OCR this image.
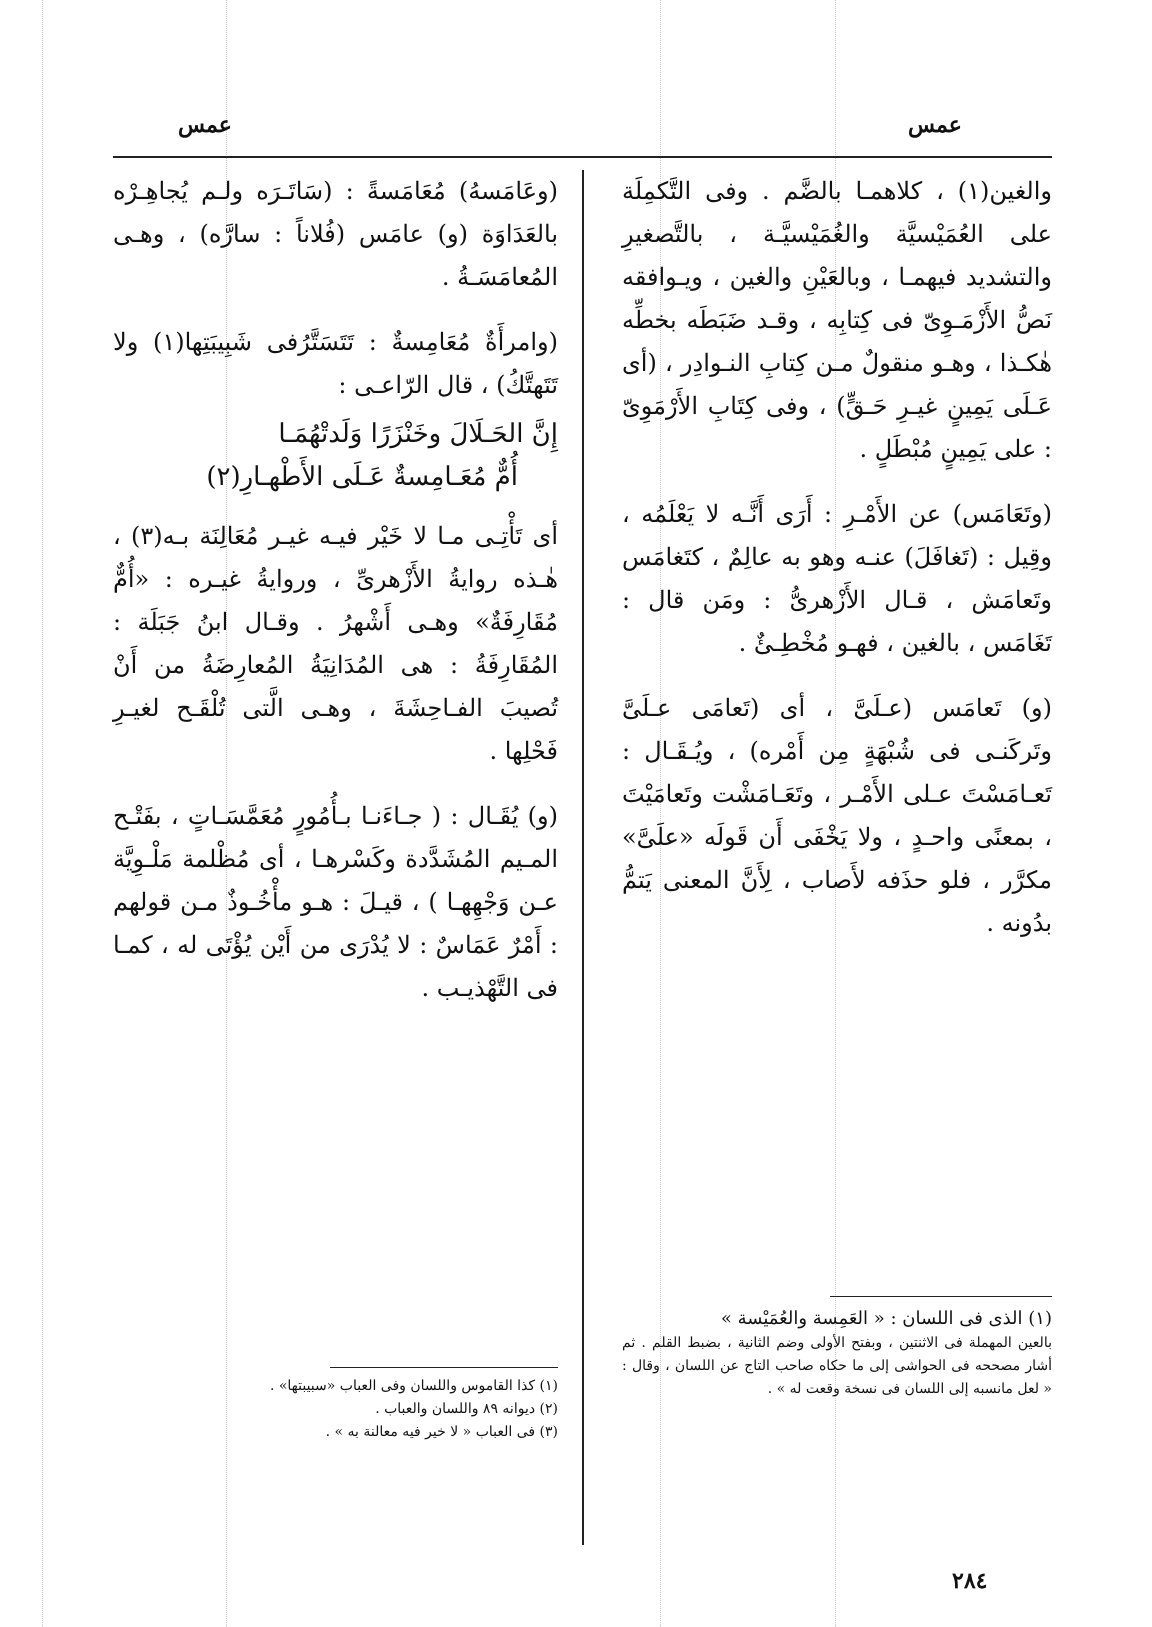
عمس	عمس

والغين(١) ، كلاهمـا بالضَّم . وفى التَّكمِلَة على العُمَيْسيَّة والغُمَيْسيَّـة ، بالتَّصغيرِ والتشديد فيهمـا ، وبالعَيْنِ والغين ، ويـوافقه نَصُّ الأَزْمَـوِىّ فى كِتابِه ، وقـد ضَبَطَه بخطِّه هٰكـذا ، وهـو منقولٌ مـن كِتابِ النـوادِر ، (أى عَـلَى يَمِينٍ غيـرِ حَـقٍّ) ، وفى كِتَابِ الأَرْمَوِىّ : على يَمِينٍ مُبْطَلٍ .

(وتَعَامَس) عن الأَمْـرِ : أَرَى أَنَّـه لا يَعْلَمُه ، وقِيل : (تَغافَلَ) عنـه وهو به عالِمٌ ، كتَغامَس وتَعامَش ، قـال الأَزْهرىُّ : ومَن قال : تَغَامَس ، بالغين ، فهـو مُخْطِـئٌ .

(و) تَعامَس (عـلَىَّ ، أى (تَعامَى عـلَىَّ وتَركَنـى فى شُبْهَةٍ مِن أَمْره) ، ويُـقَـال : تَعـامَسْتَ عـلى الأَمْـر ، وتَعَـامَشْت وتَعامَيْتَ ، بمعنًى واحـدٍ ، ولا يَخْفَى أَن قَولَه «علَىَّ» مكرَّر ، فلو حذَفه لأَصاب ، لِأَنَّ المعنى يَتمُّ بدُونه .

(وعَامَسهُ) مُعَامَسةً : (سَاتَـرَه ولـم يُجاهِـرْه بالعَدَاوَة (و) عامَس (فُلاناً : سارَّه) ، وهـى المُعامَسَـةُ .

(وامرأَةٌ مُعَامِسةٌ : تَتَسَتَّرُفى شَبِيبَتِها(١) ولا تَتَهتَّكُ) ، قال الرّاعـى :

إِنَّ الحَـلَالَ وخَنْزَرًا وَلَدتْهُمَـا

أُمٌّ مُعَـامِسةٌ عَـلَى الأَطْهـارِ(٢)

أى تَأْتِـى مـا لا خَيْر فيـه غيـر مُعَالِنَة بـه(٣) ، هٰـذه روايةُ الأَزْهرىِّ ، وروايةُ غيـره : «أُمٌّ مُقَارِفَةٌ» وهـى أَشْهرُ . وقـال ابنُ جَبَلَة : المُقَارِفَةُ : هى المُدَانِيَةُ المُعارِضَةُ من أَنْ تُصيبَ الفـاحِشَةَ ، وهـى الَّتى تُلْقَـح لغيـرِ فَحْلِها .

(و) يُقَـال : ( جـاءَنـا بـأُمُورٍ مُعَمَّسَـاتٍ ، بفَتْـح المـيم المُشَدَّدة وكَسْرهـا ، أى مُظْلمة مَلْـوِيَّة عـن وَجْهِهـا ) ، قيـلَ : هـو مأْخُـوذٌ مـن قولهم : أَمْرٌ عَمَاسٌ : لا يُدْرَى من أَيْن يُؤْتَى له ، كمـا فى التَّهْذيـب .

(١) الذى فى اللسان : « العَمِسة والعُمَيْسة »
بالعين المهملة فى الاثنتين ، وبفتح الأولى وضم الثانية ، بضبط القلم . ثم أشار مصححه فى الحواشى إلى ما حكاه صاحب التاج عن اللسان ، وقال : « لعل مانسبه إلى اللسان فى نسخة وقعت له » .

(١) كذا القاموس واللسان وفى العباب «سبيبتها» .

(٢) ديوانه ٨٩ واللسان والعباب .

(٣) فى العباب « لا خير فيه معالنة به » .

٢٨٤
